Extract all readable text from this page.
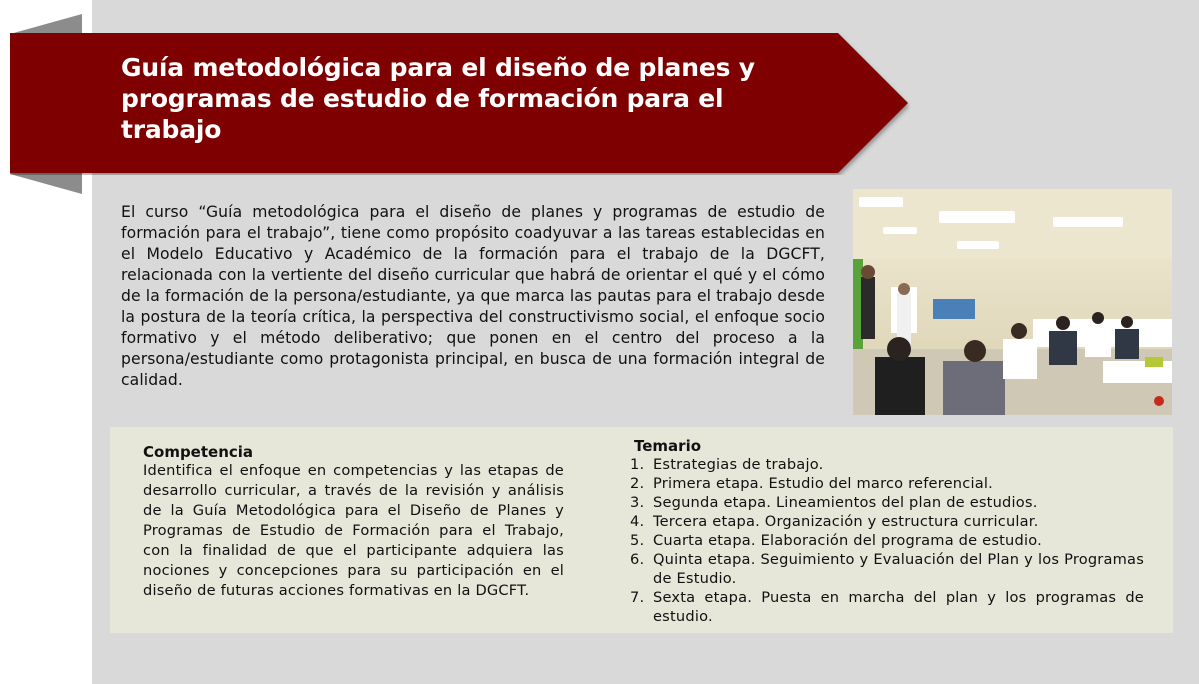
Guía metodológica para el diseño de planes y programas de estudio de formación para el trabajo

El curso “Guía metodológica para el diseño de planes y programas de estudio de formación para el trabajo”, tiene como propósito coadyuvar a las tareas establecidas en el Modelo Educativo y Académico de la formación para el trabajo de la DGCFT, relacionada con la vertiente del diseño curricular que habrá de orientar el qué y el cómo de la formación de la persona/estudiante, ya que marca las pautas para el trabajo desde la postura de la teoría crítica, la perspectiva del constructivismo social, el enfoque socio formativo y el método deliberativo; que ponen en el centro del proceso a la persona/estudiante como protagonista principal, en busca de una formación integral de calidad.

Competencia

Identifica el enfoque en competencias y las etapas de desarrollo curricular, a través de la revisión y análisis de la Guía Metodológica para el Diseño de Planes y Programas de Estudio de Formación para el Trabajo, con la finalidad de que el participante adquiera las nociones y concepciones para su participación en el diseño de futuras acciones formativas en la DGCFT.

Temario
1. Estrategias de trabajo.
2. Primera etapa. Estudio del marco referencial.
3. Segunda etapa. Lineamientos del plan de estudios.
4. Tercera etapa. Organización y estructura curricular.
5. Cuarta etapa. Elaboración del programa de estudio.
6. Quinta etapa. Seguimiento y Evaluación del Plan y los Programas de Estudio.
7. Sexta etapa. Puesta en marcha del plan y los programas de estudio.
